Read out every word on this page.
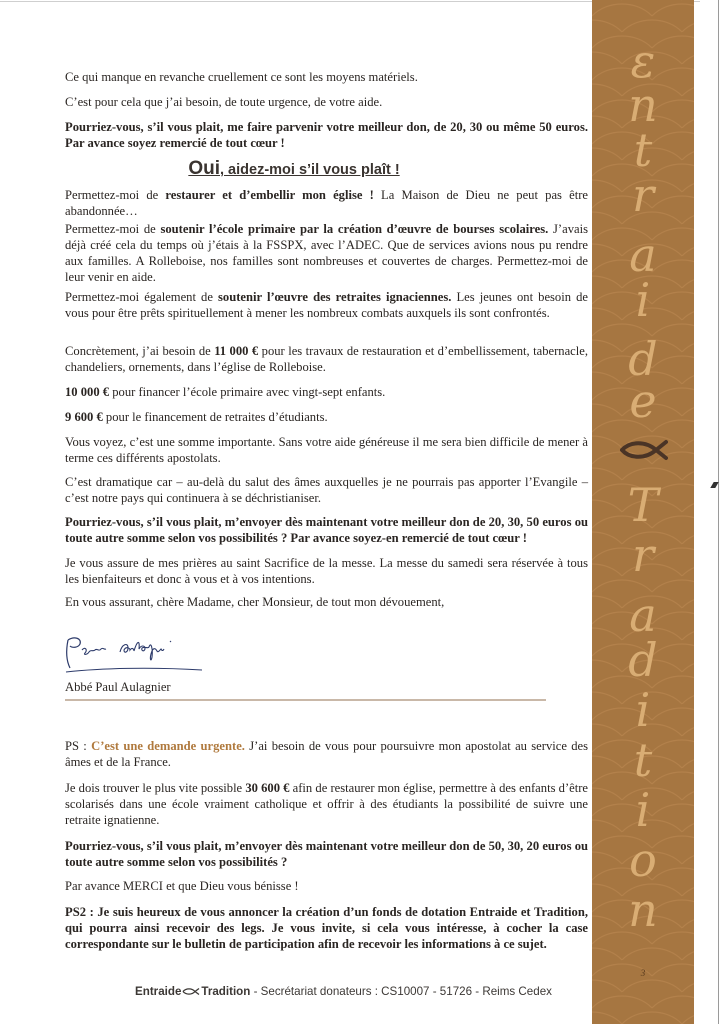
Ce qui manque en revanche cruellement ce sont les moyens matériels.
C’est pour cela que j’ai besoin, de toute urgence, de votre aide.
Pourriez-vous, s’il vous plait, me faire parvenir votre meilleur don, de 20, 30 ou même 50 euros. Par avance soyez remercié de tout cœur !
Oui, aidez-moi s’il vous plaît !
Permettez-moi de restaurer et d’embellir mon église ! La Maison de Dieu ne peut pas être abandonnée…
Permettez-moi de soutenir l’école primaire par la création d’œuvre de bourses scolaires. J’avais déjà créé cela du temps où j’étais à la FSSPX, avec l’ADEC. Que de services avions nous pu rendre aux familles. A Rolleboise, nos familles sont nombreuses et couvertes de charges. Permettez-moi de leur venir en aide.
Permettez-moi également de soutenir l’œuvre des retraites ignaciennes. Les jeunes ont besoin de vous pour être prêts spirituellement à mener les nombreux combats auxquels ils sont confrontés.
Concrètement, j’ai besoin de 11 000 € pour les travaux de restauration et d’embellissement, tabernacle, chandeliers, ornements, dans l’église de Rolleboise.
10 000 € pour financer l’école primaire avec vingt-sept enfants.
9 600 € pour le financement de retraites d’étudiants.
Vous voyez, c’est une somme importante. Sans votre aide généreuse il me sera bien difficile de mener à terme ces différents apostolats.
C’est dramatique car – au-delà du salut des âmes auxquelles je ne pourrais pas apporter l’Evangile – c’est notre pays qui continuera à se déchristianiser.
Pourriez-vous, s’il vous plait, m’envoyer dès maintenant votre meilleur don de 20, 30, 50 euros ou toute autre somme selon vos possibilités ? Par avance soyez-en remercié de tout cœur !
Je vous assure de mes prières au saint Sacrifice de la messe. La messe du samedi sera réservée à tous les bienfaiteurs et donc à vous et à vos intentions.
En vous assurant, chère Madame, cher Monsieur, de tout mon dévouement,
Abbé Paul Aulagnier
PS : C’est une demande urgente. J’ai besoin de vous pour poursuivre mon apostolat au service des âmes et de la France.
Je dois trouver le plus vite possible 30 600 € afin de restaurer mon église, permettre à des enfants d’être scolarisés dans une école vraiment catholique et offrir à des étudiants la possibilité de suivre une retraite ignatienne.
Pourriez-vous, s’il vous plait, m’envoyer dès maintenant votre meilleur don de 50, 30, 20 euros ou toute autre somme selon vos possibilités ?
Par avance MERCI et que Dieu vous bénisse !
PS2 : Je suis heureux de vous annoncer la création d’un fonds de dotation Entraide et Tradition, qui pourra ainsi recevoir des legs. Je vous invite, si cela vous intéresse, à cocher la case correspondante sur le bulletin de participation afin de recevoir les informations à ce sujet.
Entraide Tradition - Secrétariat donateurs : CS10007 - 51726 - Reims Cedex
ε
n
t
r
a
i
d
e
T
r
a
d
i
t
i
o
n
3
